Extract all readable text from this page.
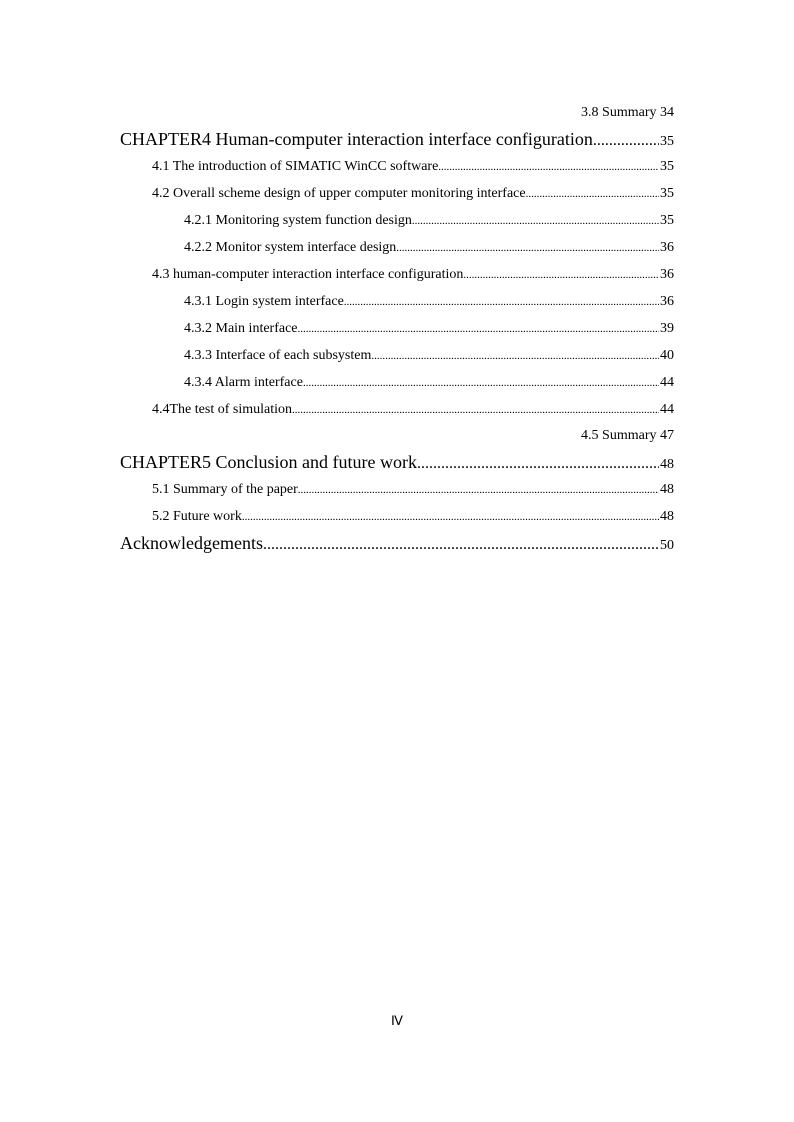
3.8 Summary 34
CHAPTER4 Human-computer interaction interface configuration .....	35
4.1 The introduction of SIMATIC WinCC software .....	35
4.2 Overall scheme design of upper computer monitoring interface .....	35
4.2.1 Monitoring system function design .....	35
4.2.2 Monitor system interface design .....	36
4.3 human-computer interaction interface configuration .....	36
4.3.1 Login system interface .....	36
4.3.2 Main interface .....	39
4.3.3 Interface of each subsystem .....	40
4.3.4 Alarm interface .....	44
4.4The test of simulation .....	44
4.5 Summary 47
CHAPTER5 Conclusion and future work .....	48
5.1 Summary of the paper .....	48
5.2 Future work .....	48
Acknowledgements .....	50
Ⅳ
